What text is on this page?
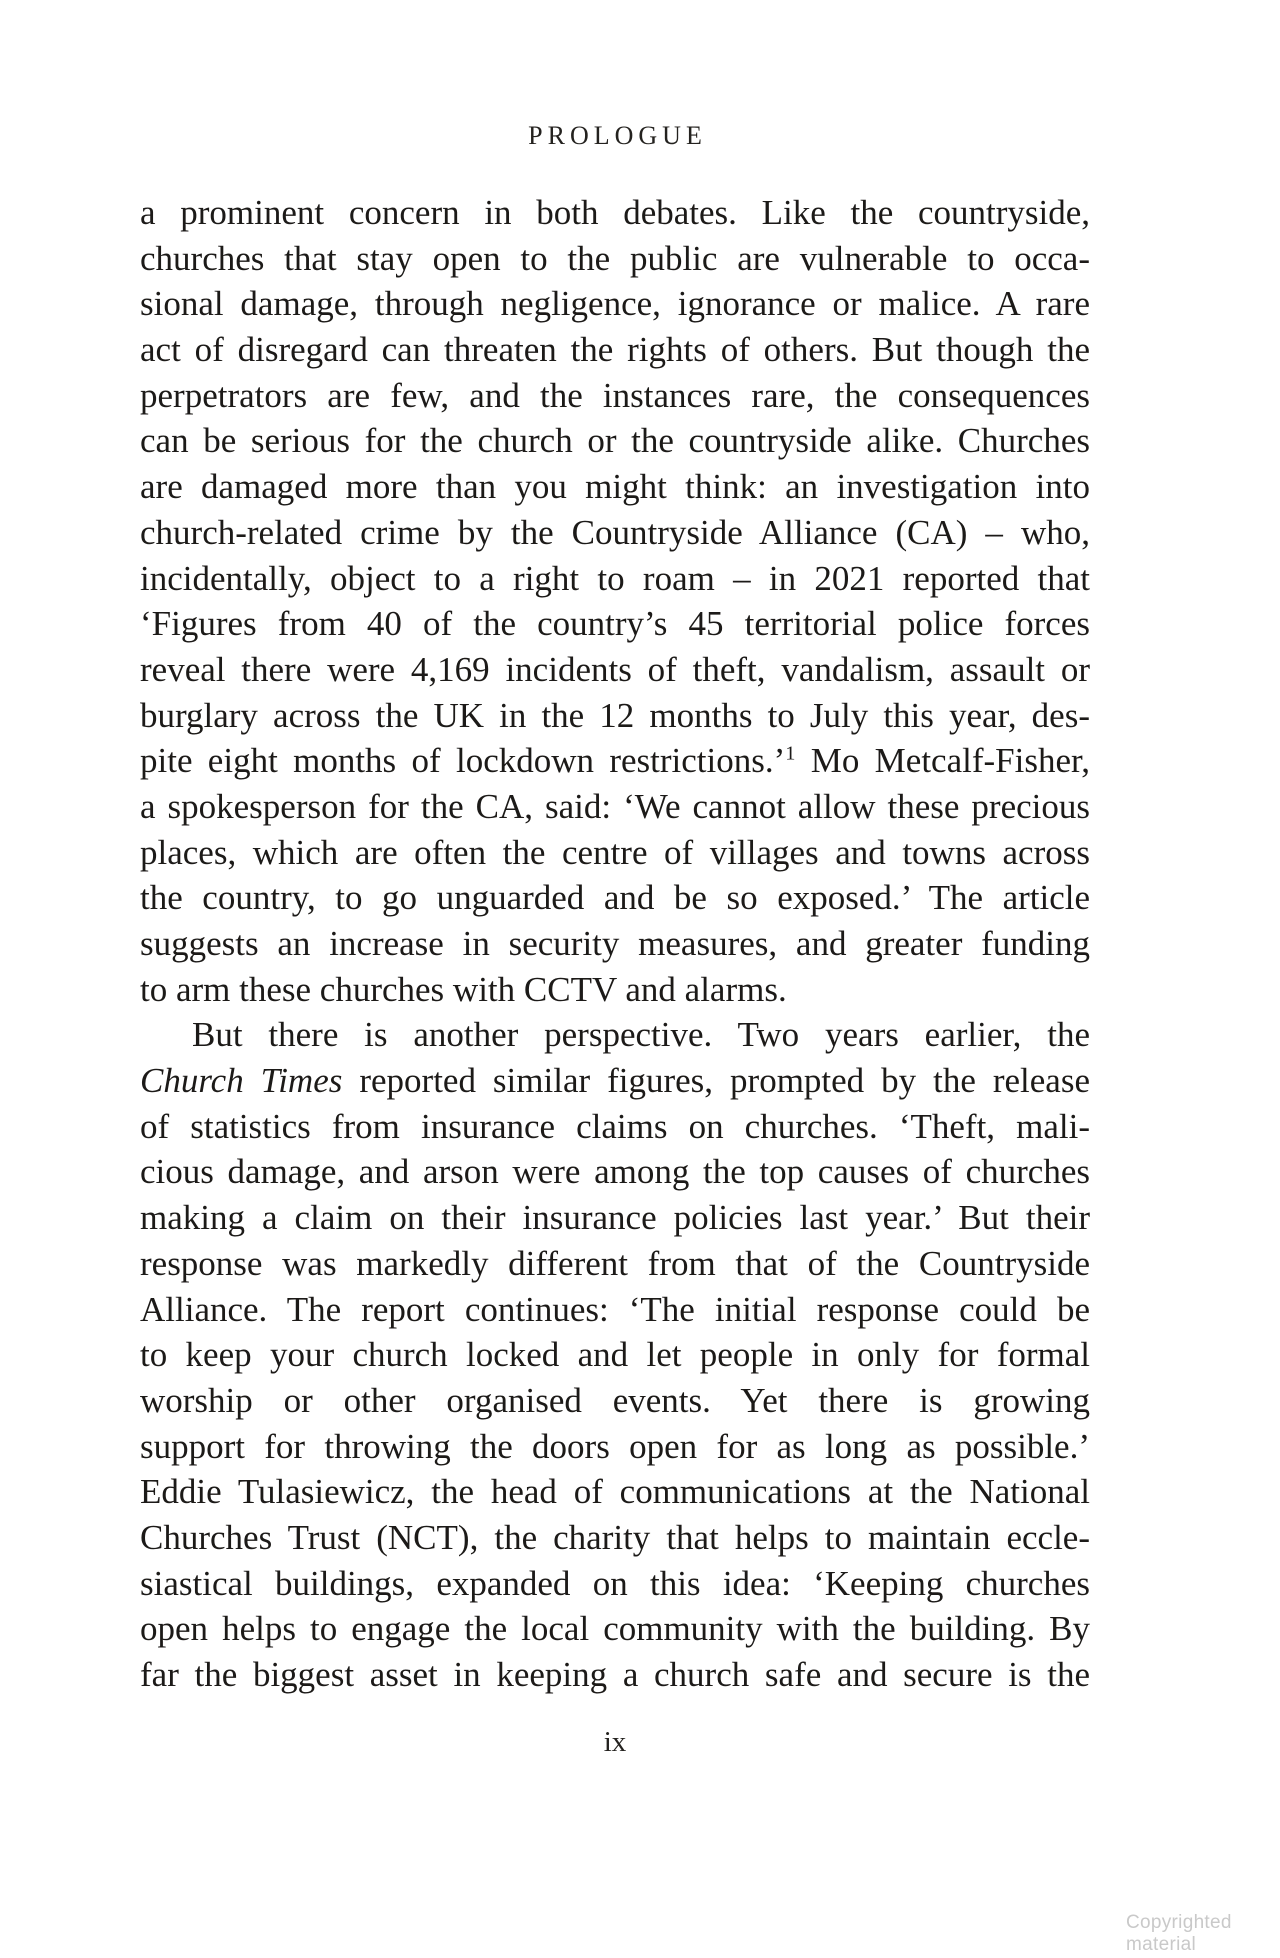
PROLOGUE
a prominent concern in both debates. Like the countryside,
churches that stay open to the public are vulnerable to occa-
sional damage, through negligence, ignorance or malice. A rare
act of disregard can threaten the rights of others. But though the
perpetrators are few, and the instances rare, the consequences
can be serious for the church or the countryside alike. Churches
are damaged more than you might think: an investigation into
church-related crime by the Countryside Alliance (CA) – who,
incidentally, object to a right to roam – in 2021 reported that
‘Figures from 40 of the country’s 45 territorial police forces
reveal there were 4,169 incidents of theft, vandalism, assault or
burglary across the UK in the 12 months to July this year, des-
pite eight months of lockdown restrictions.’$^1$ Mo Metcalf-Fisher,
a spokesperson for the CA, said: ‘We cannot allow these precious
places, which are often the centre of villages and towns across
the country, to go unguarded and be so exposed.’ The article
suggests an increase in security measures, and greater funding
to arm these churches with CCTV and alarms.
But there is another perspective. Two years earlier, the
Church Times reported similar figures, prompted by the release
of statistics from insurance claims on churches. ‘Theft, mali-
cious damage, and arson were among the top causes of churches
making a claim on their insurance policies last year.’ But their
response was markedly different from that of the Countryside
Alliance. The report continues: ‘The initial response could be
to keep your church locked and let people in only for formal
worship or other organised events. Yet there is growing
support for throwing the doors open for as long as possible.’
Eddie Tulasiewicz, the head of communications at the National
Churches Trust (NCT), the charity that helps to maintain eccle-
siastical buildings, expanded on this idea: ‘Keeping churches
open helps to engage the local community with the building. By
far the biggest asset in keeping a church safe and secure is the
ix
Copyrighted material
